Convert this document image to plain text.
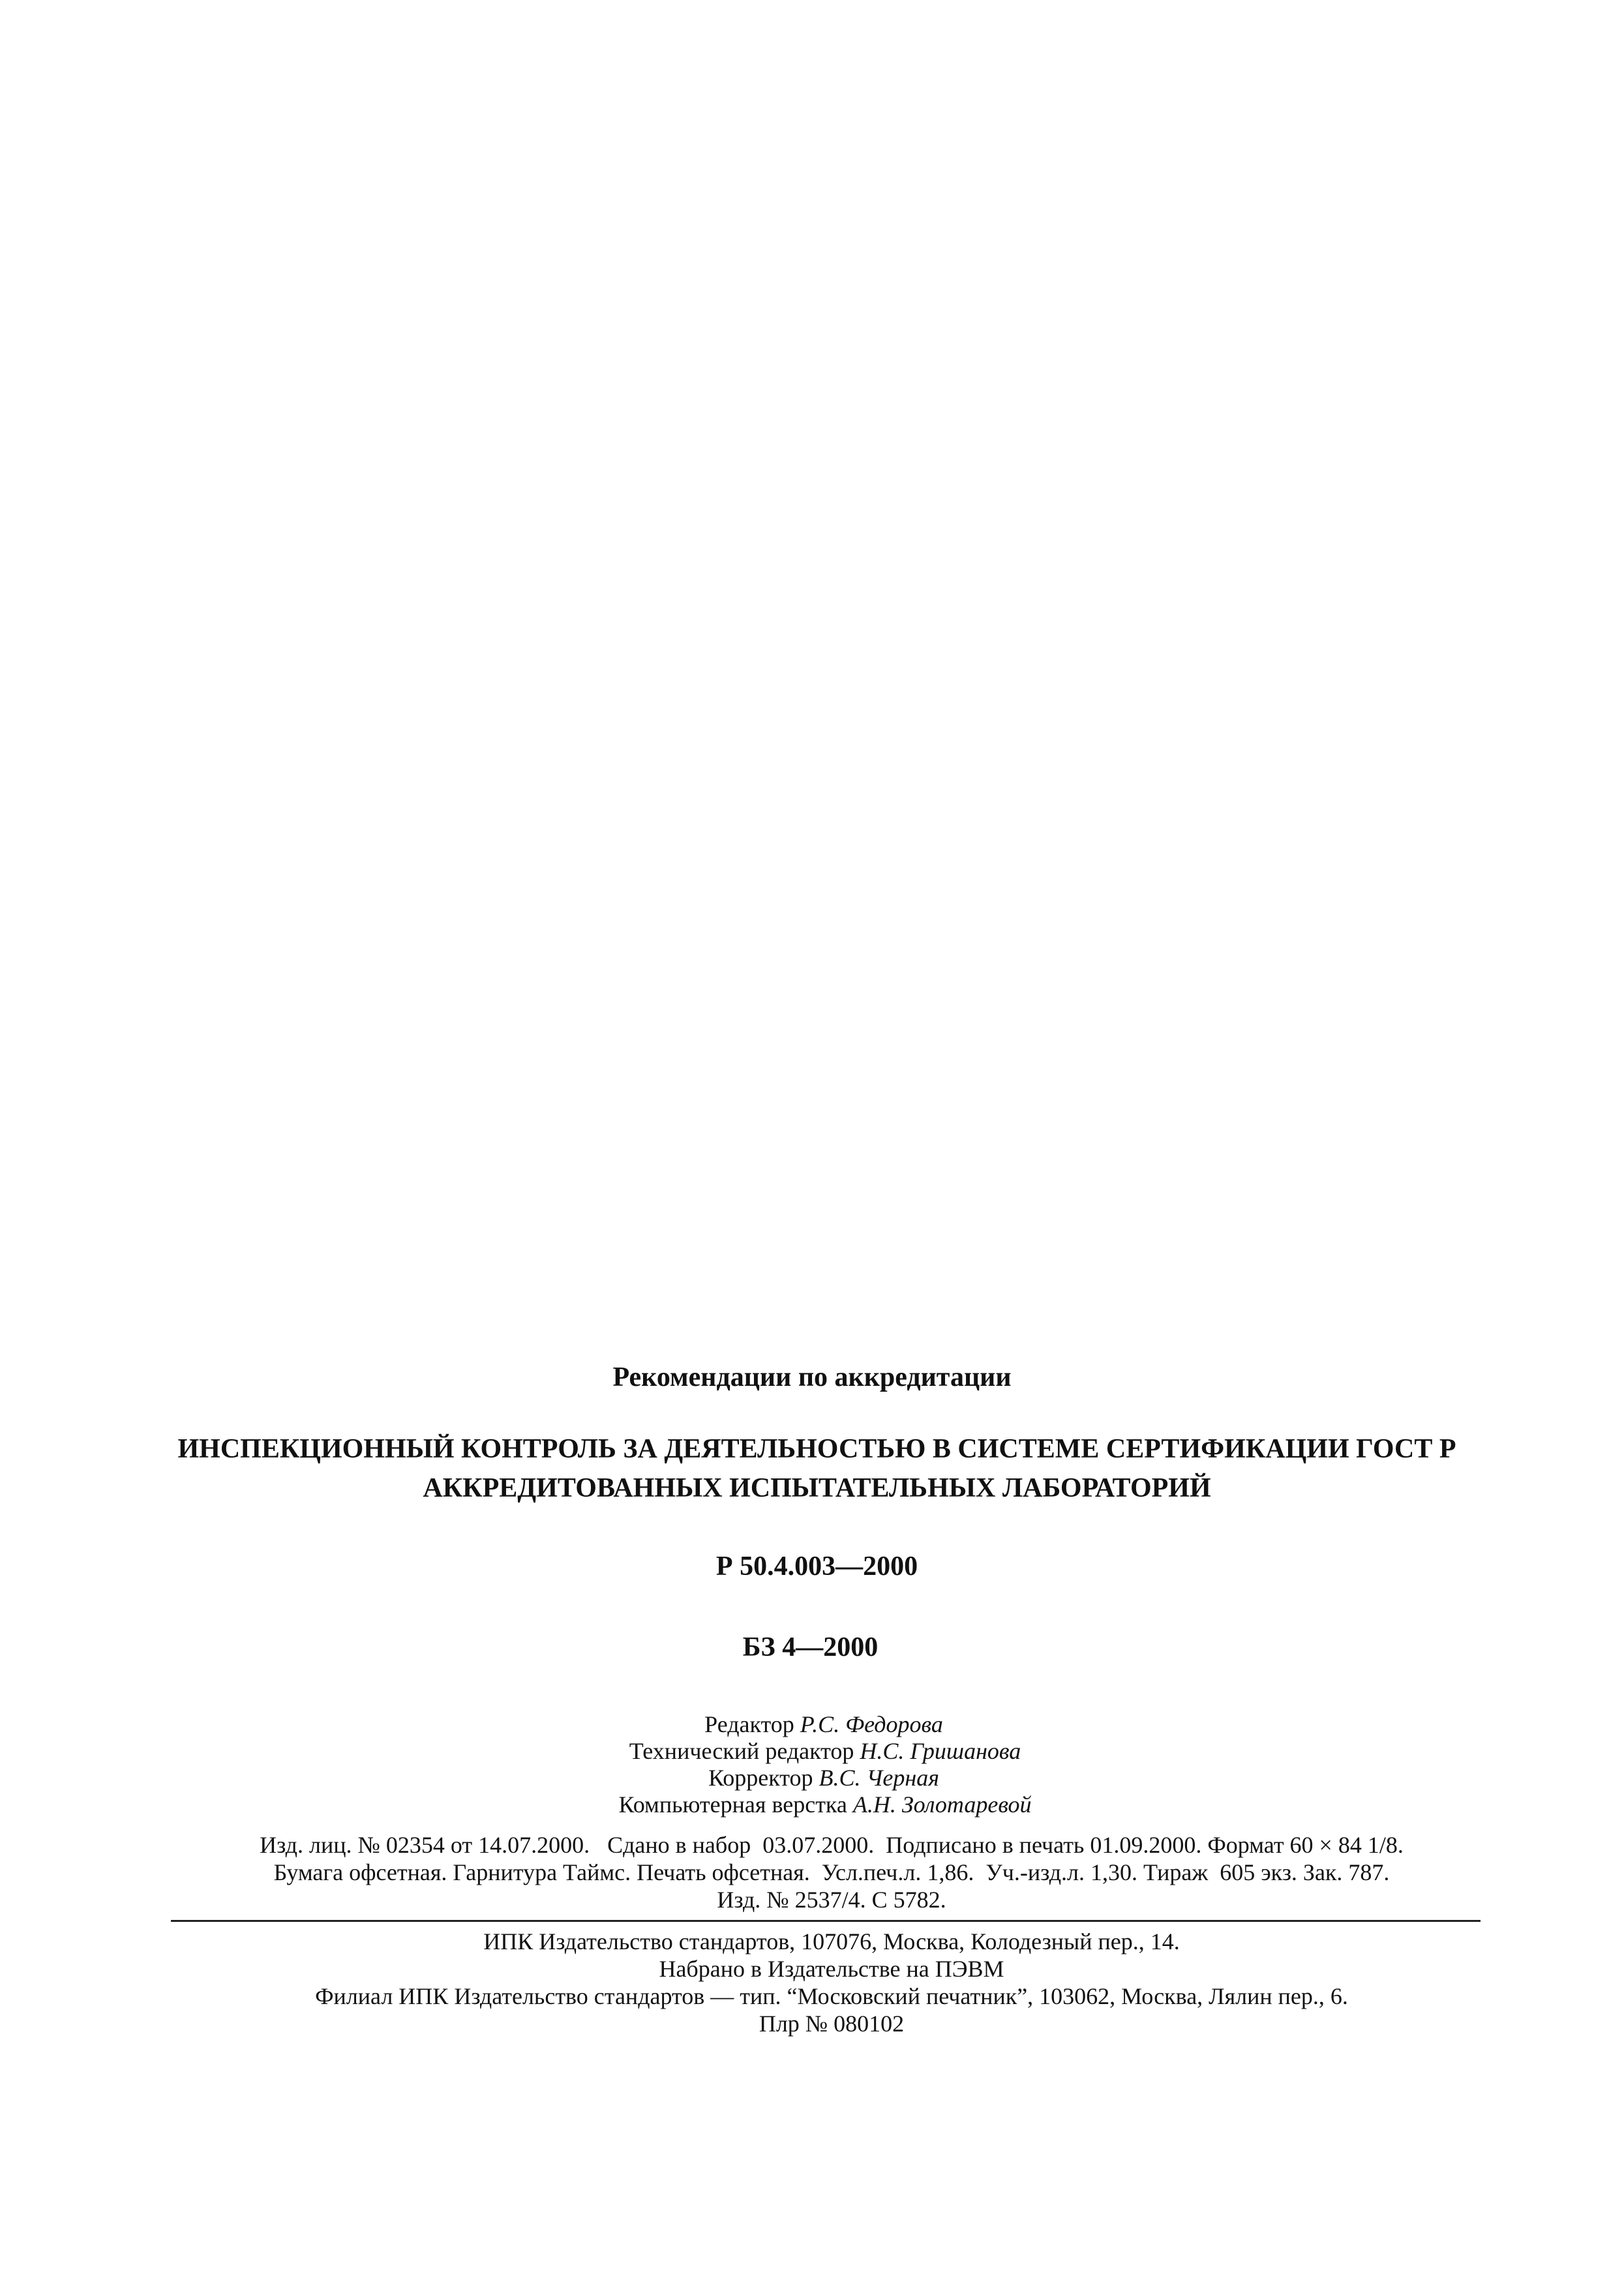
Рекомендации по аккредитации
ИНСПЕКЦИОННЫЙ КОНТРОЛЬ ЗА ДЕЯТЕЛЬНОСТЬЮ В СИСТЕМЕ СЕРТИФИКАЦИИ ГОСТ Р
АККРЕДИТОВАННЫХ ИСПЫТАТЕЛЬНЫХ ЛАБОРАТОРИЙ
Р 50.4.003—2000
БЗ 4—2000
Редактор Р.С. Федорова
Технический редактор Н.С. Гришанова
Корректор В.С. Черная
Компьютерная верстка А.Н. Золотаревой
Изд. лиц. № 02354 от 14.07.2000.   Сдано в набор  03.07.2000.  Подписано в печать 01.09.2000. Формат 60 × 84 1/8.
Бумага офсетная. Гарнитура Таймс. Печать офсетная.  Усл.печ.л. 1,86.  Уч.-изд.л. 1,30. Тираж  605 экз. Зак. 787.
Изд. № 2537/4. С 5782.
ИПК Издательство стандартов, 107076, Москва, Колодезный пер., 14.
Набрано в Издательстве на ПЭВМ
Филиал ИПК Издательство стандартов — тип. “Московский печатник”, 103062, Москва, Лялин пер., 6.
Плр № 080102
